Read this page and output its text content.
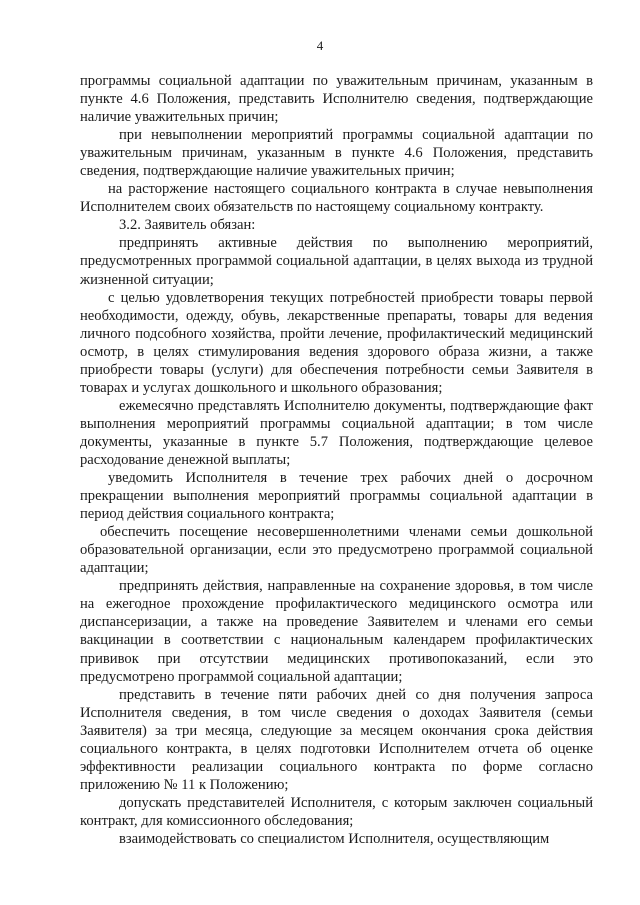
4

программы социальной адаптации по уважительным причинам, указанным в пункте 4.6 Положения, представить Исполнителю сведения, подтверждающие наличие уважительных причин;

при невыполнении мероприятий программы социальной адаптации по уважительным причинам, указанным в пункте 4.6 Положения, представить сведения, подтверждающие наличие уважительных причин;

на расторжение настоящего социального контракта в случае невыполнения Исполнителем своих обязательств по настоящему социальному контракту.

3.2. Заявитель обязан:

предпринять активные действия по выполнению мероприятий, предусмотренных программой социальной адаптации, в целях выхода из трудной жизненной ситуации;

с целью удовлетворения текущих потребностей приобрести товары первой необходимости, одежду, обувь, лекарственные препараты, товары для ведения личного подсобного хозяйства, пройти лечение, профилактический медицинский осмотр, в целях стимулирования ведения здорового образа жизни, а также приобрести товары (услуги) для обеспечения потребности семьи Заявителя в товарах и услугах дошкольного и школьного образования;

ежемесячно представлять Исполнителю документы, подтверждающие факт выполнения мероприятий программы социальной адаптации; в том числе документы, указанные в пункте 5.7 Положения, подтверждающие целевое расходование денежной выплаты;

уведомить Исполнителя в течение трех рабочих дней о досрочном прекращении выполнения мероприятий программы социальной адаптации в период действия социального контракта;

обеспечить посещение несовершеннолетними членами семьи дошкольной образовательной организации, если это предусмотрено программой социальной адаптации;

предпринять действия, направленные на сохранение здоровья, в том числе на ежегодное прохождение профилактического медицинского осмотра или диспансеризации, а также на проведение Заявителем и членами его семьи вакцинации в соответствии с национальным календарем профилактических прививок при отсутствии медицинских противопоказаний, если это предусмотрено программой социальной адаптации;

представить в течение пяти рабочих дней со дня получения запроса Исполнителя сведения, в том числе сведения о доходах Заявителя (семьи Заявителя) за три месяца, следующие за месяцем окончания срока действия социального контракта, в целях подготовки Исполнителем отчета об оценке эффективности реализации социального контракта по форме согласно приложению № 11 к Положению;

допускать представителей Исполнителя, с которым заключен социальный контракт, для комиссионного обследования;

взаимодействовать со специалистом Исполнителя, осуществляющим
